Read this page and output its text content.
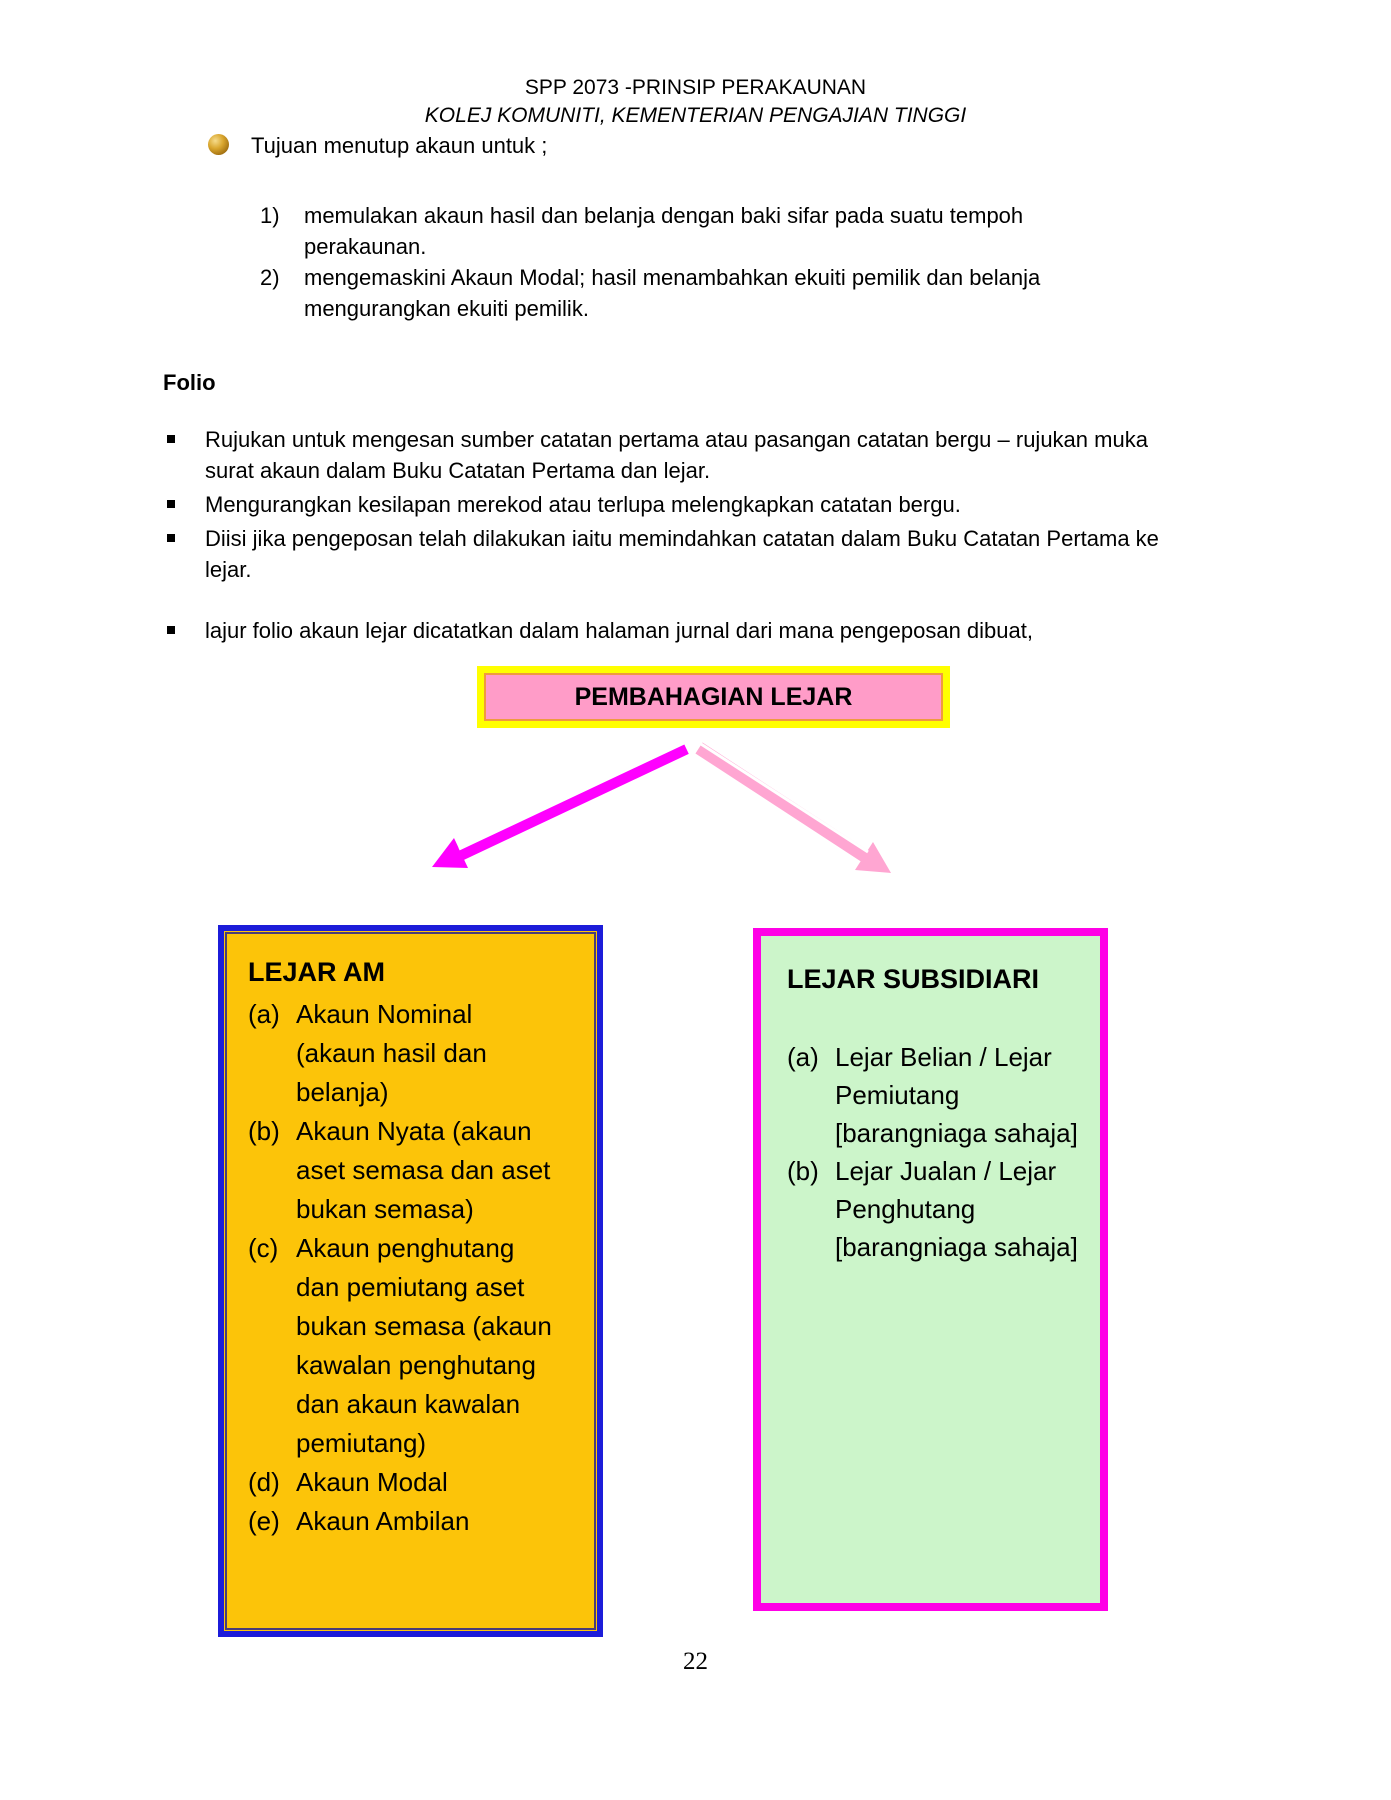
SPP 2073 -PRINSIP PERAKAUNAN
KOLEJ KOMUNITI, KEMENTERIAN PENGAJIAN TINGGI
Tujuan menutup akaun untuk ;
1)	memulakan akaun hasil dan belanja dengan baki sifar pada suatu tempoh perakaunan.
2)	mengemaskini Akaun Modal; hasil menambahkan ekuiti pemilik dan belanja mengurangkan ekuiti pemilik.
Folio
Rujukan untuk mengesan sumber catatan pertama atau pasangan catatan bergu – rujukan muka surat akaun dalam Buku Catatan Pertama dan lejar.
Mengurangkan kesilapan merekod atau terlupa melengkapkan catatan bergu.
Diisi jika pengeposan telah dilakukan iaitu memindahkan catatan dalam Buku Catatan Pertama ke lejar.
lajur folio akaun lejar dicatatkan dalam halaman jurnal dari mana pengeposan dibuat,
PEMBAHAGIAN LEJAR
LEJAR AM
(a) Akaun Nominal (akaun hasil dan belanja)
(b) Akaun Nyata (akaun aset semasa dan aset bukan semasa)
(c) Akaun penghutang dan pemiutang aset bukan semasa (akaun kawalan penghutang dan akaun kawalan pemiutang)
(d) Akaun Modal
(e) Akaun Ambilan
LEJAR SUBSIDIARI
(a) Lejar Belian / Lejar Pemiutang [barangniaga sahaja]
(b) Lejar Jualan / Lejar Penghutang [barangniaga sahaja]
22
